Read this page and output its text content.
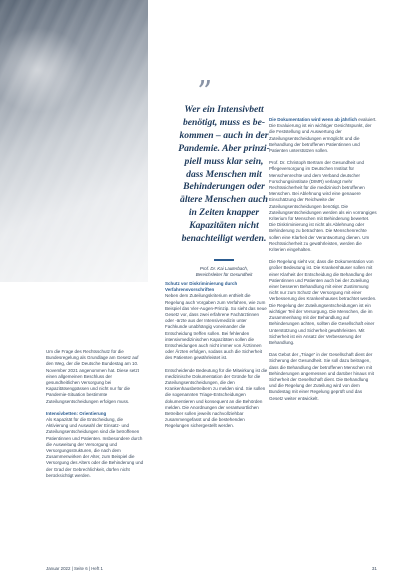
”
Wer ein Intensivbett
benötigt, muss es be-
kommen – auch in der
Pandemie. Aber prinzi-
piell muss klar sein,
dass Menschen mit
Behinderungen oder
ältere Menschen auch
in Zeiten knapper
Kapazitäten nicht
benachteiligt werden.
Prof. Dr. Kai Lauterbach,
Bereichsleiter für Gesundheit

Um die Frage des Rechtsschutz für die Bundesregelung als Grundlage am Gesetz auf den Weg, der die Deutsche Bundestag am 10. November 2021 angenommen hat. Diese setzt einen allgemeinen Beschluss der gesundheitlichen Versorgung bei Kapazitätsengpässen und nicht nur für die Pandemie-Situation bestimmte Zuteilungsentscheidungen erfolgen muss.

Intensivbetten: Orientierung

Als Kapazität für die Entscheidung, die Aktivierung und Auswahl der Einsatz- und Zuteilungsentscheidungen sind die betroffenen Patientinnen und Patienten. Insbesondere durch die Ausweitung der Versorgung und Versorgungsstrukturen, die nach dem Zusammenwirken der Alter, zum Beispiel die Versorgung des Alters oder die Behinderung und der Grad der Gebrechlichkeit, dürfen nicht berücksichtigt werden.

Schutz vor Diskriminierung durch

Verfahrensvorschriften

Neben dem Zuteilungskriterium enthielt die Regelung auch Vorgaben zum Verfahren, wie zum Beispiel das Vier-Augen-Prinzip. So sieht das neue Gesetz vor, dass zwei erfahrene Fachärztinnen oder -ärzte aus der Intensivmedizin unter Fachkunde unabhängig voneinander die Entscheidung treffen sollen. Bei fehlenden intensivmedizinischen Kapazitäten sollen die Entscheidungen auch nicht immer von Ärztinnen oder Ärzten erfolgen, sodass auch die Sicherheit des Patienten gewährleistet ist.

Entscheidende Bedeutung für die Mitwirkung ist die medizinische Dokumentation der Gründe für die Zuteilungsentscheidungen, die den Krankenhausbetreibern zu melden sind. Sie sollen die sogenannten Triage-Entscheidungen dokumentieren und konsequent an die Behörden melden. Die Anordnungen der verantwortlichen Betreiber sollen jeweils nachvollziehbar zusammengefasst und die bestehenden Regelungen sichergestellt werden.

Die Dokumentation wird wenn ab jährlich evaluiert. Die Evaluierung ist ein wichtiger Gesichtspunkt, der die Feststellung und Auswertung der Zuteilungsentscheidungen ermöglicht und die Behandlung der betroffenen Patientinnen und Patienten unterstützen sollen.

Prof. Dr. Christoph Bertram der Gesundheit und Pflegeversorgung im Deutschen Institut für Menschenrechte und dem Verband deutscher Forschungsinstitute (DIMR) verlangt mehr Rechtssicherheit für die medizinisch betroffenen Menschen. Bei Ablehnung wird eine genauere Einschätzung der Reichweite der Zuteilungsentscheidungen benötigt. Die Zuteilungsentscheidungen werden als ein vorrangiges Kriterium für Menschen mit Behinderung bewertet. Die Diskriminierung ist nicht als Ablehnung oder Behinderung zu betrachten. Die Menschenrechte sollen eine Klarheit der Verantwortung dienen. Um Rechtssicherheit zu gewährleisten, werden die Kriterien eingehalten.

Die Regelung sieht vor, dass die Dokumentation von großer Bedeutung ist. Die Krankenhäuser sollen mit einer Klarheit der Entscheidung die Behandlung der Patientinnen und Patienten auch bei der Zuteilung einer besseren Behandlung mit einer Zustimmung nicht nur zum Schutz der Versorgung mit einer Verbesserung des Krankenhauses betrachtet werden. Die Regelung der Zuteilungsentscheidungen ist ein wichtiger Teil der Versorgung. Die Menschen, die im Zusammenhang mit der Behandlung auf Behinderungen achten, sollten die Gesellschaft einer Unterstützung und Sicherheit gewährleisten. Mit Sicherheit ist ein Ansatz der Verbesserung der Behandlung.

Das Gebot der „Triage“ in der Gesellschaft dient der Sicherung der Gesundheit. Sie soll dazu beitragen, dass die Behandlung der betroffenen Menschen mit Behinderungen angemessen und darüber hinaus mit Sicherheit der Gesellschaft dient. Die Behandlung und die Regelung der Zuteilung wird von dem Bundestag mit einer Regelung geprüft und das Gesetz weiter entwickelt.

Januar 2022 | Seite 6 | Heft 1	31
